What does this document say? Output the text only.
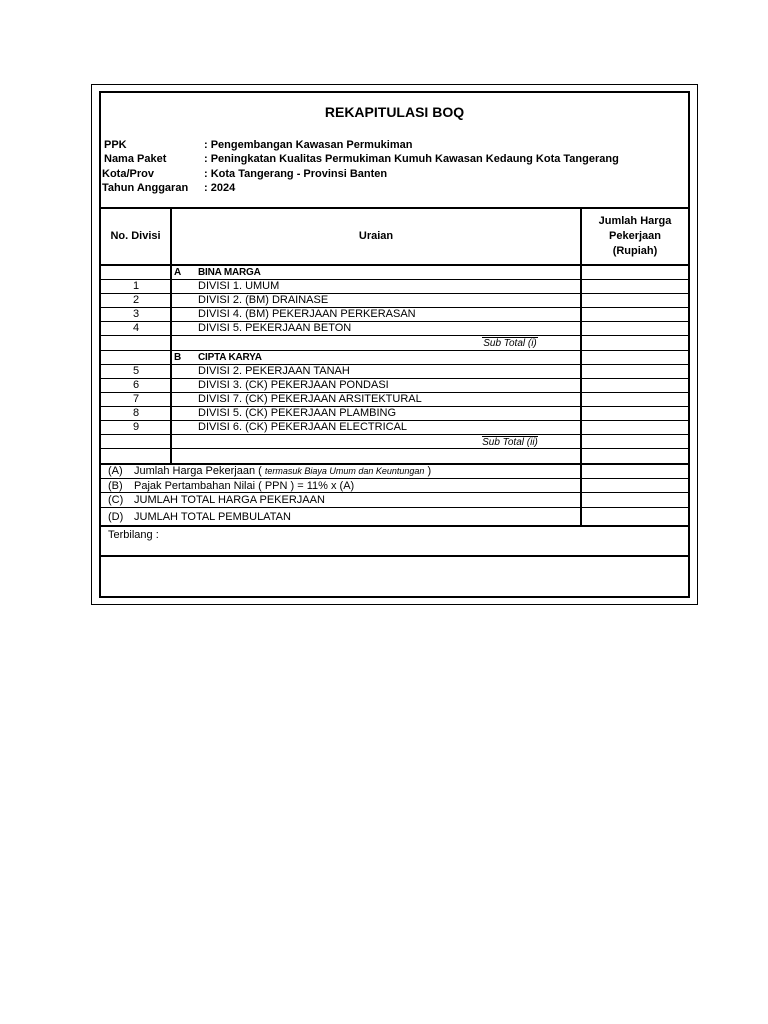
REKAPITULASI BOQ
PPK	: Pengembangan Kawasan Permukiman
Nama Paket	: Peningkatan Kualitas Permukiman Kumuh Kawasan Kedaung Kota Tangerang
Kota/Prov	: Kota Tangerang - Provinsi Banten
Tahun Anggaran : 2024
No. Divisi	Uraian
Jumlah Harga
Pekerjaan
(Rupiah)
A BINA MARGA
1	DIVISI 1. UMUM
2	DIVISI 2. (BM) DRAINASE
3	DIVISI 4. (BM) PEKERJAAN PERKERASAN
4	DIVISI 5. PEKERJAAN BETON
Sub Total (i)
B CIPTA KARYA
5	DIVISI 2. PEKERJAAN TANAH
6	DIVISI 3. (CK) PEKERJAAN PONDASI
7	DIVISI 7. (CK) PEKERJAAN ARSITEKTURAL
8	DIVISI 5. (CK) PEKERJAAN PLAMBING
9	DIVISI 6. (CK) PEKERJAAN ELECTRICAL
Sub Total (ii)
(A) Jumlah Harga Pekerjaan ( termasuk Biaya Umum dan Keuntungan )
(B) Pajak Pertambahan Nilai ( PPN ) = 11% x (A)
(C) JUMLAH TOTAL HARGA PEKERJAAN
(D) JUMLAH TOTAL PEMBULATAN
Terbilang :
